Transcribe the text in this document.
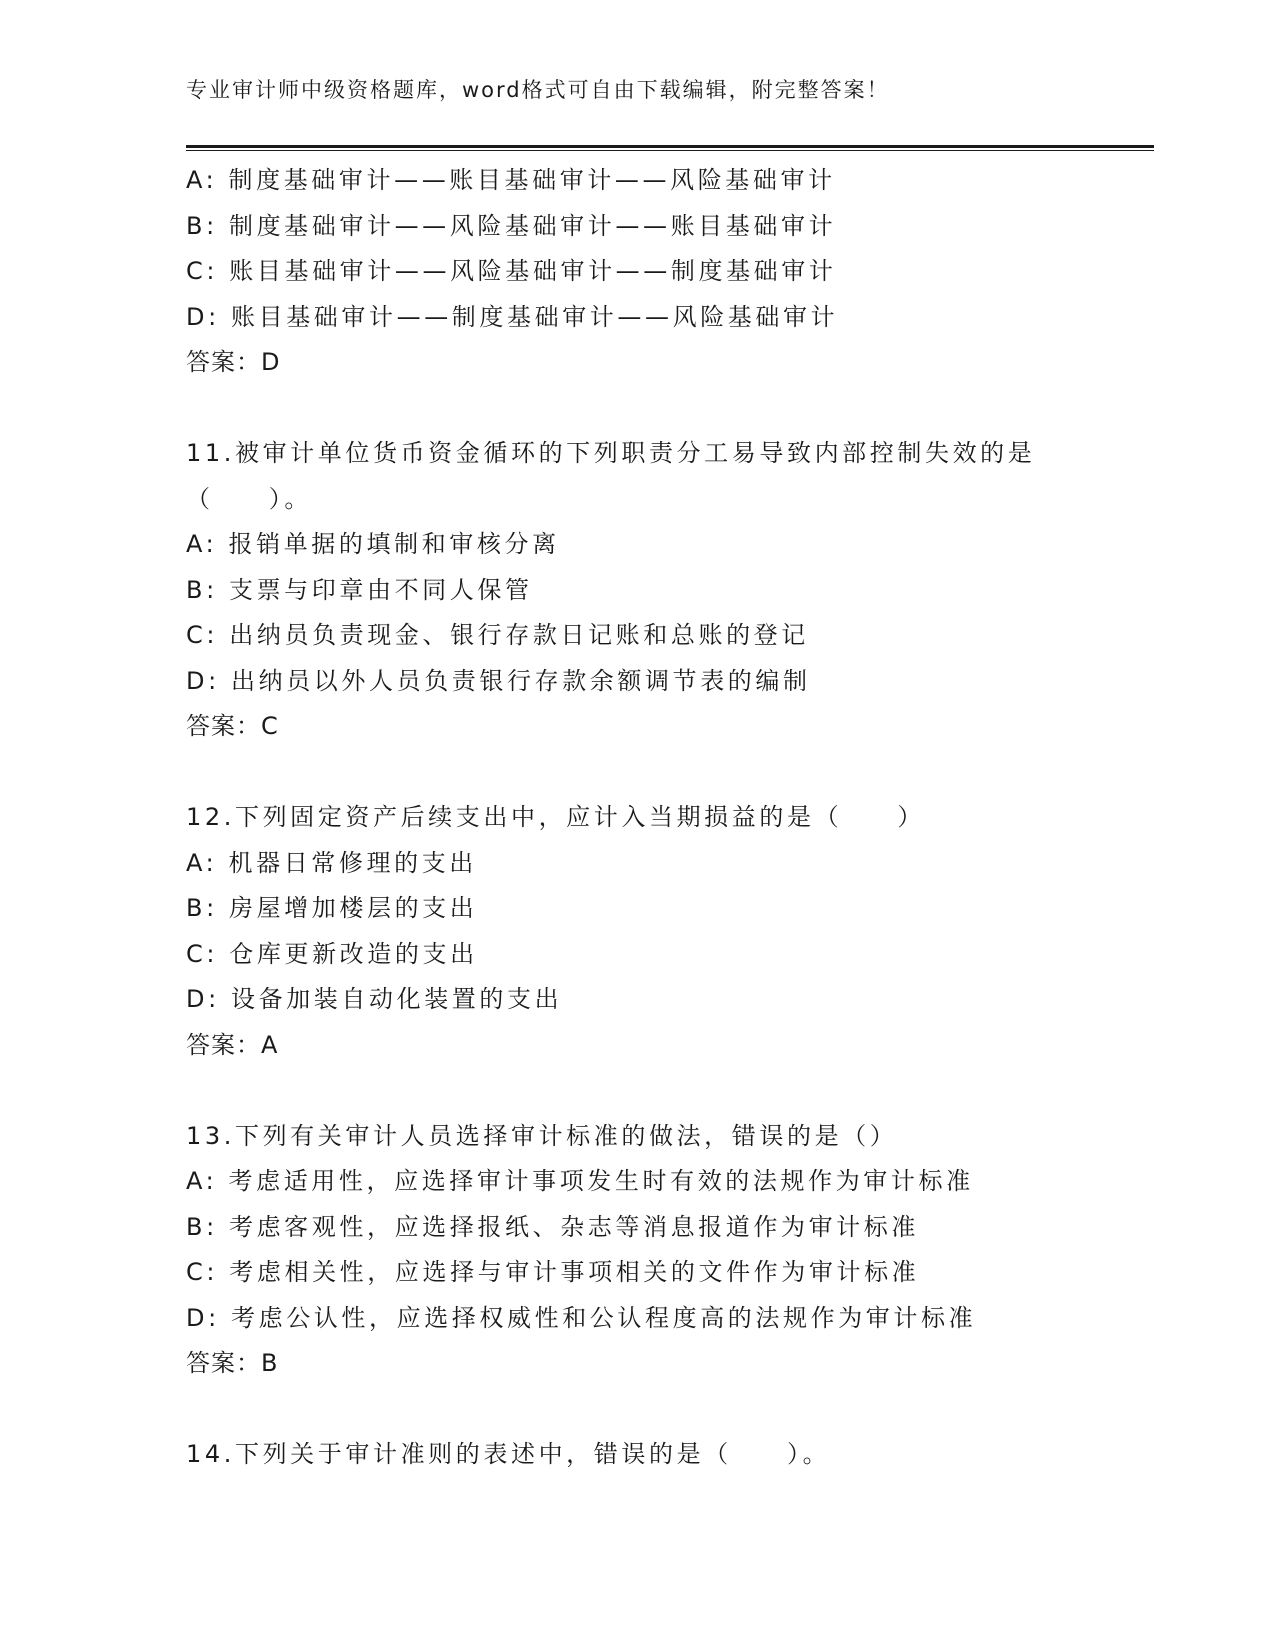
专业审计师中级资格题库，word格式可自由下载编辑，附完整答案！
A: 制度基础审计——账目基础审计——风险基础审计
B: 制度基础审计——风险基础审计——账目基础审计
C: 账目基础审计——风险基础审计——制度基础审计
D: 账目基础审计——制度基础审计——风险基础审计
答案：D
11.被审计单位货币资金循环的下列职责分工易导致内部控制失效的是
（　　）。
A: 报销单据的填制和审核分离
B: 支票与印章由不同人保管
C: 出纳员负责现金、银行存款日记账和总账的登记
D: 出纳员以外人员负责银行存款余额调节表的编制
答案：C
12.下列固定资产后续支出中，应计入当期损益的是（　　）
A: 机器日常修理的支出
B: 房屋增加楼层的支出
C: 仓库更新改造的支出
D: 设备加装自动化装置的支出
答案：A
13.下列有关审计人员选择审计标准的做法，错误的是（）
A: 考虑适用性，应选择审计事项发生时有效的法规作为审计标准
B: 考虑客观性，应选择报纸、杂志等消息报道作为审计标准
C: 考虑相关性，应选择与审计事项相关的文件作为审计标准
D: 考虑公认性，应选择权威性和公认程度高的法规作为审计标准
答案：B
14.下列关于审计准则的表述中，错误的是（　　）。
